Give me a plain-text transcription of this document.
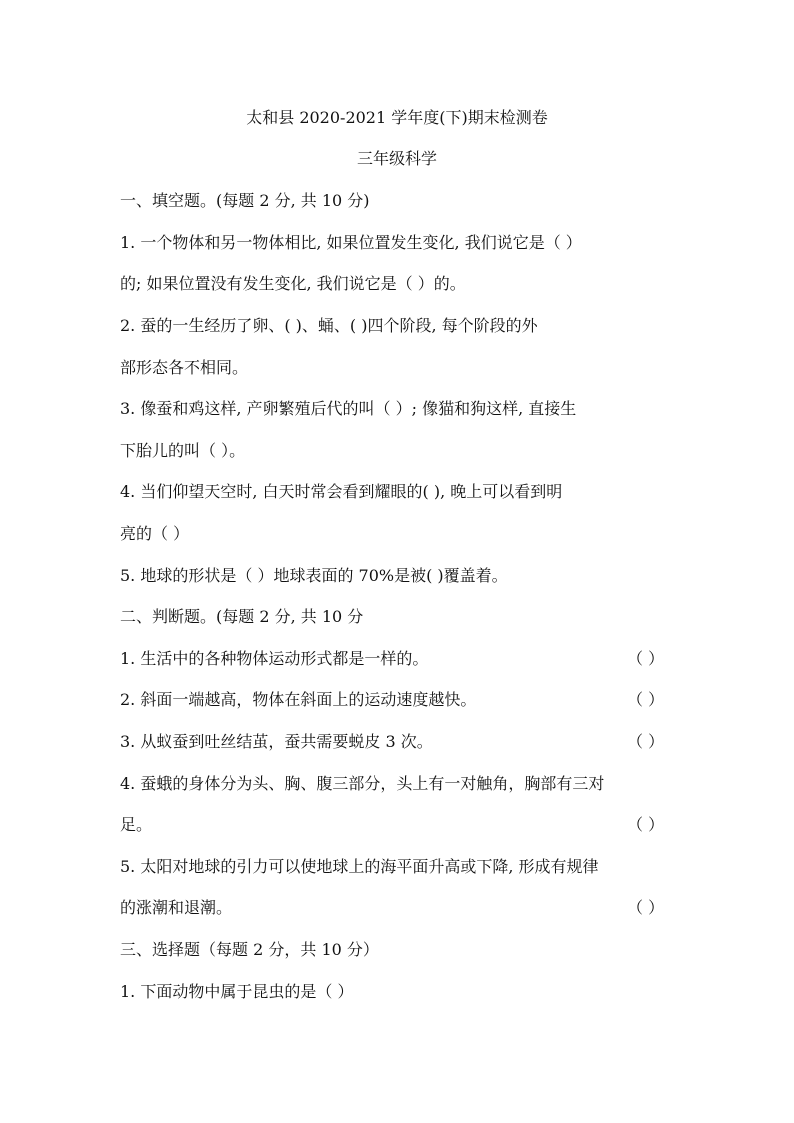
太和县 2020-2021 学年度(下)期末检测卷
三年级科学
一、填空题。(每题 2 分, 共 10 分)
1. 一个物体和另一物体相比, 如果位置发生变化, 我们说它是（ ）
的; 如果位置没有发生变化, 我们说它是（ ）的。
2. 蚕的一生经历了卵、( )、蛹、( )四个阶段, 每个阶段的外
部形态各不相同。
3. 像蚕和鸡这样, 产卵繁殖后代的叫（ ）; 像猫和狗这样, 直接生
下胎儿的叫（ ）。
4. 当们仰望天空时, 白天时常会看到耀眼的( ), 晚上可以看到明
亮的（ ）
5. 地球的形状是（ ）地球表面的 70%是被( )覆盖着。
二、判断题。(每题 2 分, 共 10 分
1. 生活中的各种物体运动形式都是一样的。	（ ）
2. 斜面一端越高，物体在斜面上的运动速度越快。	（ ）
3. 从蚁蚕到吐丝结茧，蚕共需要蜕皮 3 次。	（ ）
4. 蚕蛾的身体分为头、胸、腹三部分，头上有一对触角，胸部有三对
足。	（ ）
5. 太阳对地球的引力可以使地球上的海平面升高或下降, 形成有规律
的涨潮和退潮。	（ ）
三、选择题（每题 2 分，共 10 分）
1. 下面动物中属于昆虫的是（ ）
